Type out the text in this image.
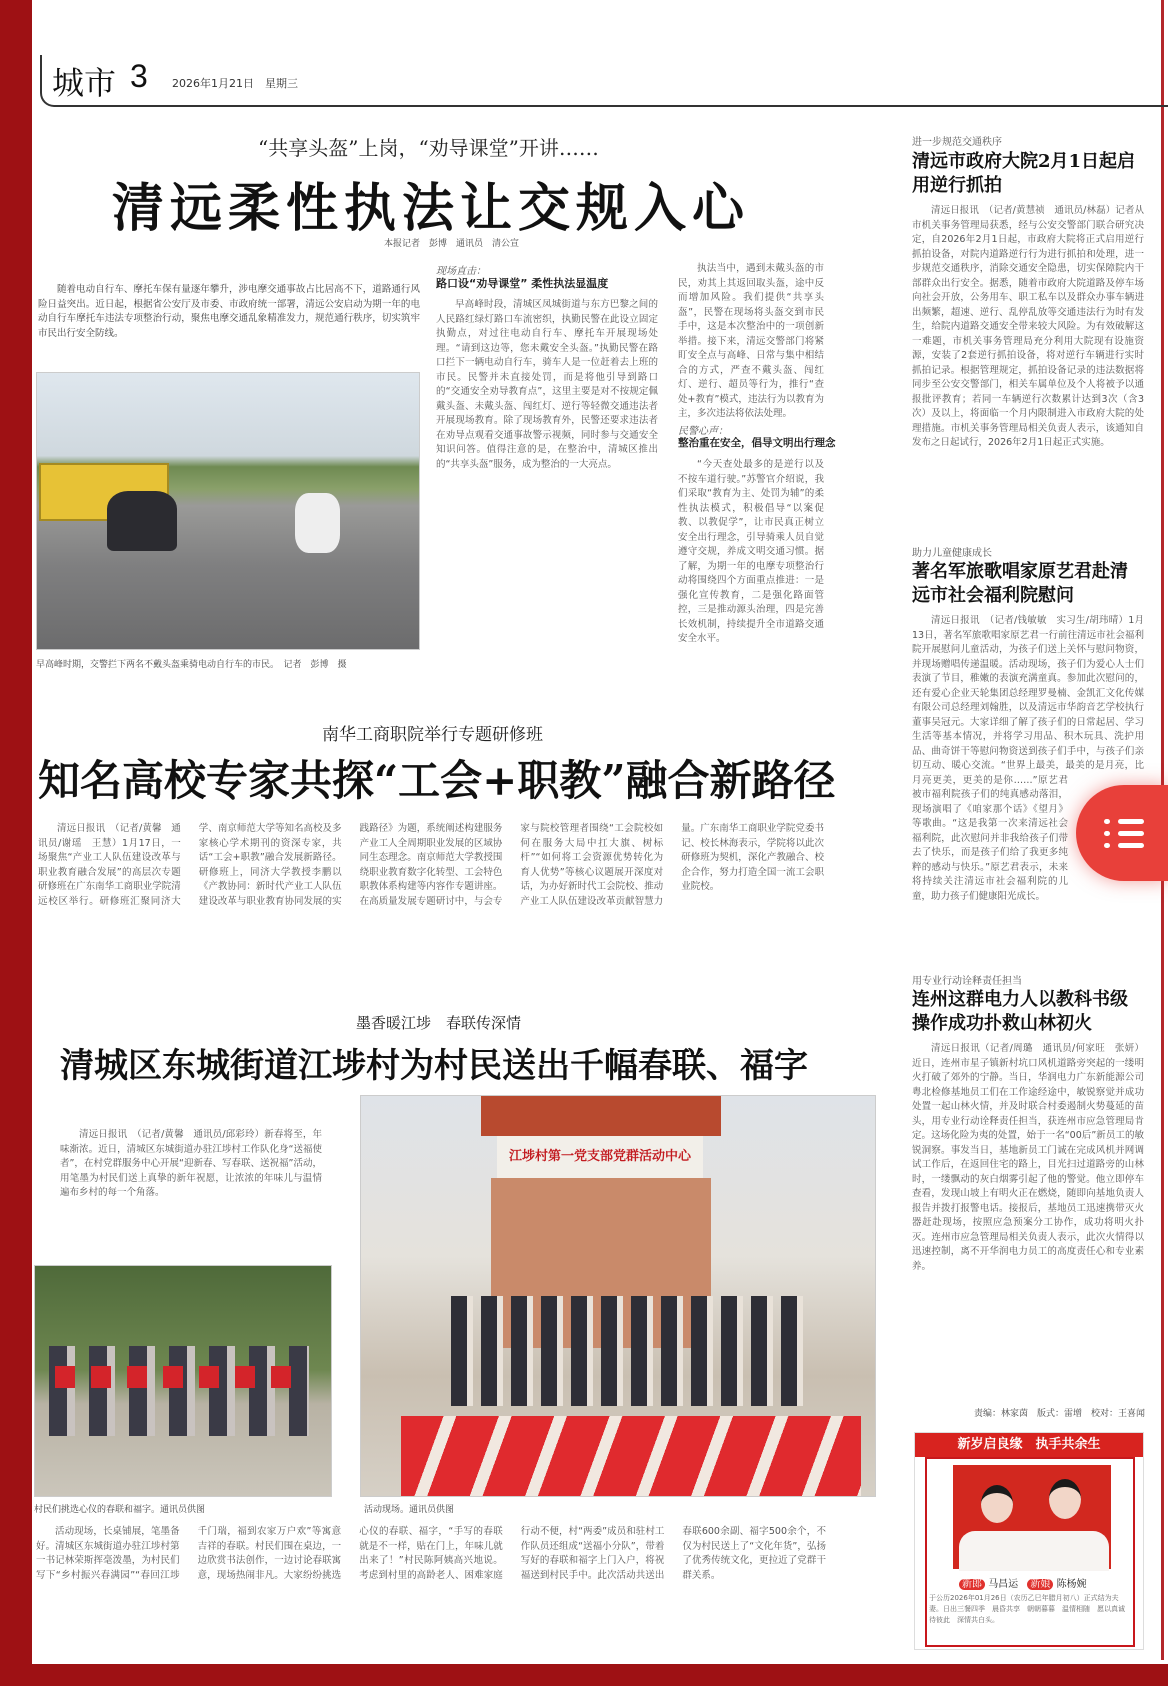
城市 3 2026年1月21日　星期三
“共享头盔”上岗，“劝导课堂”开讲……
清远柔性执法让交规入心
本报记者　彭博　通讯员　清公宣
随着电动自行车、摩托车保有量逐年攀升，涉电摩交通事故占比居高不下，道路通行风险日益突出。近日起，根据省公安厅及市委、市政府统一部署，清远公安启动为期一年的电动自行车摩托车违法专项整治行动，聚焦电摩交通乱象精准发力，规范通行秩序，切实筑牢市民出行安全防线。
早高峰时期，交警拦下两名不戴头盔乘骑电动自行车的市民。　记者　彭博　摄
现场直击：
路口设“劝导课堂” 柔性执法显温度
早高峰时段，清城区凤城街道与东方巴黎之间的人民路红绿灯路口车流密织，执勤民警在此设立固定执勤点，对过往电动自行车、摩托车开展现场处理。“请到这边等，您未戴安全头盔。”执勤民警在路口拦下一辆电动自行车，骑车人是一位赶着去上班的市民。民警并未直接处罚，而是将他引导到路口的“交通安全劝导教育点”，这里主要是对不按规定佩戴头盔、未戴头盔、闯红灯、逆行等轻微交通违法者开展现场教育。除了现场教育外，民警还要求违法者在劝导点观看交通事故警示视频，同时参与交通安全知识问答。值得注意的是，在整治中，清城区推出的“共享头盔”服务，成为整治的一大亮点。
执法当中，遇到未戴头盔的市民，劝其上其返回取头盔，途中反而增加风险。我们提供“共享头盔”，民警在现场将头盔交到市民手中，这是本次整治中的一项创新举措。接下来，清远交警部门将紧盯安全点与高峰、日常与集中相结合的方式，严查不戴头盔、闯红灯、逆行、超员等行为，推行“查处+教育”模式，违法行为以教育为主，多次违法将依法处理。
民警心声：
整治重在安全，倡导文明出行理念
“今天查处最多的是逆行以及不按车道行驶。”苏警官介绍说，我们采取“教育为主、处罚为辅”的柔性执法模式，积极倡导“以案促教、以教促学”，让市民真正树立安全出行理念，引导骑乘人员自觉遵守交规，养成文明交通习惯。据了解，为期一年的电摩专项整治行动将围绕四个方面重点推进：一是强化宣传教育，二是强化路面管控，三是推动源头治理，四是完善长效机制，持续提升全市道路交通安全水平。
南华工商职院举行专题研修班
知名高校专家共探“工会+职教”融合新路径
清远日报讯　（记者/黄馨　通讯员/谢瑶　王慧）1月17日，一场聚焦“产业工人队伍建设改革与职业教育融合发展”的高层次专题研修班在广东南华工商职业学院清远校区举行。研修班汇聚同济大学、南京师范大学等知名高校及多家核心学术期刊的资深专家，共话“工会+职教”融合发展新路径。研修班上，同济大学教授李鹏以《产教协同：新时代产业工人队伍建设改革与职业教育协同发展的实践路径》为题，系统阐述构建服务产业工人全周期职业发展的区域协同生态理念。南京师范大学教授围绕职业教育数字化转型、工会特色职教体系构建等内容作专题讲座。在高质量发展专题研讨中，与会专家与院校管理者围绕“工会院校如何在服务大局中扛大旗、树标杆”“如何将工会资源优势转化为育人优势”等核心议题展开深度对话，为办好新时代工会院校、推动产业工人队伍建设改革贡献智慧力量。广东南华工商职业学院党委书记、校长林海表示，学院将以此次研修班为契机，深化产教融合、校企合作，努力打造全国一流工会职业院校。
墨香暖江埗　春联传深情
清城区东城街道江埗村为村民送出千幅春联、福字
清远日报讯　（记者/黄馨　通讯员/邱彩玲）新春将至，年味渐浓。近日，清城区东城街道办驻江埗村工作队化身“送福使者”，在村党群服务中心开展“迎新春、写春联、送祝福”活动，用笔墨为村民们送上真挚的新年祝愿，让浓浓的年味儿与温情遍布乡村的每一个角落。
江埗村第一党支部党群活动中心
村民们挑选心仪的春联和福字。通讯员供图	活动现场。通讯员供图
活动现场，长桌铺展，笔墨备好。清城区东城街道办驻江埗村第一书记林荣斯挥毫泼墨，为村民们写下“乡村振兴春满园”“春回江埗千门瑞，福到农家万户欢”等寓意吉祥的春联。村民们围在桌边，一边欣赏书法创作，一边讨论春联寓意，现场热闹非凡。大家纷纷挑选心仪的春联、福字，“手写的春联就是不一样，贴在门上，年味儿就出来了！”村民陈阿姨高兴地说。考虑到村里的高龄老人、困难家庭行动不便，村“两委”成员和驻村工作队员还组成“送福小分队”，带着写好的春联和福字上门入户，将祝福送到村民手中。此次活动共送出春联600余副、福字500余个，不仅为村民送上了“文化年货”，弘扬了优秀传统文化，更拉近了党群干群关系。
进一步规范交通秩序
清远市政府大院2月1日起启用逆行抓拍
清远日报讯　（记者/黄慧祯　通讯员/林磊）记者从市机关事务管理局获悉，经与公安交警部门联合研究决定，自2026年2月1日起，市政府大院将正式启用逆行抓拍设备，对院内道路逆行行为进行抓拍和处理，进一步规范交通秩序，消除交通安全隐患，切实保障院内干部群众出行安全。据悉，随着市政府大院道路及停车场向社会开放，公务用车、职工私车以及群众办事车辆进出频繁，超速、逆行、乱停乱放等交通违法行为时有发生，给院内道路交通安全带来较大风险。为有效破解这一难题，市机关事务管理局充分利用大院现有设施资源，安装了2套逆行抓拍设备，将对逆行车辆进行实时抓拍记录。根据管理规定，抓拍设备记录的违法数据将同步至公安交警部门，相关车属单位及个人将被予以通报批评教育；若同一车辆逆行次数累计达到3次（含3次）及以上，将面临一个月内限制进入市政府大院的处理措施。市机关事务管理局相关负责人表示，该通知自发布之日起试行，2026年2月1日起正式实施。
助力儿童健康成长
著名军旅歌唱家原艺君赴清远市社会福利院慰问
清远日报讯　（记者/钱敏敏　实习生/胡玮晴）1月13日，著名军旅歌唱家原艺君一行前往清远市社会福利院开展慰问儿童活动，为孩子们送上关怀与慰问物资，并现场赠唱传递温暖。活动现场，孩子们为爱心人士们表演了节目，稚嫩的表演充满童真。参加此次慰问的，还有爱心企业天轮集团总经理罗曼楠、金凯汇文化传媒有限公司总经理刘翰胜，以及清远市华韵音艺学校执行董事吴冠元。大家详细了解了孩子们的日常起居、学习生活等基本情况，并将学习用品、积木玩具、洗护用品、曲奇饼干等慰问物资送到孩子们手中，与孩子们亲切互动、暖心交流。“世界上最美，最美的是月亮，比月亮更美，更美的是你……”原艺君被市福利院孩子们的纯真感动落泪，现场演唱了《咱家那个话》《望月》等歌曲。“这是我第一次来清远社会福利院，此次慰问并非我给孩子们带去了快乐，而是孩子们给了我更多纯粹的感动与快乐。”原艺君表示，未来将持续关注清远市社会福利院的儿童，助力孩子们健康阳光成长。
用专业行动诠释责任担当
连州这群电力人以教科书级操作成功扑救山林初火
清远日报讯（记者/周璐　通讯员/何家旺　张妍）近日，连州市星子镇新村坑口风机道路旁突起的一缕明火打破了郊外的宁静。当日，华润电力广东新能源公司粤北检修基地员工们在工作途经途中，敏锐察觉并成功处置一起山林火情，并及时联合村委遏制火势蔓延的苗头，用专业行动诠释责任担当，获连州市应急管理局肯定。这场化险为夷的处置，始于一名“00后”新员工的敏锐洞察。事发当日，基地新员工门诚在完成风机并网调试工作后，在返回住宅的路上，目光扫过道路旁的山林时，一缕飘动的灰白烟雾引起了他的警觉。他立即停车查看，发现山坡上有明火正在燃烧，随即向基地负责人报告并拨打报警电话。接报后，基地员工迅速携带灭火器赶赴现场，按照应急预案分工协作，成功将明火扑灭。连州市应急管理局相关负责人表示，此次火情得以迅速控制，离不开华润电力员工的高度责任心和专业素养。
责编：林家茵　版式：雷增　校对：王喜闻
新岁启良缘　执手共余生
新郎 马昌运 新娘 陈杨婉
于公历2026年01月26日（农历乙巳年腊月初八）正式结为夫妻。日出三餐四季　晨昏共享　朝朝暮暮　温情相随　愿以真诚待彼此　深情共白头。
